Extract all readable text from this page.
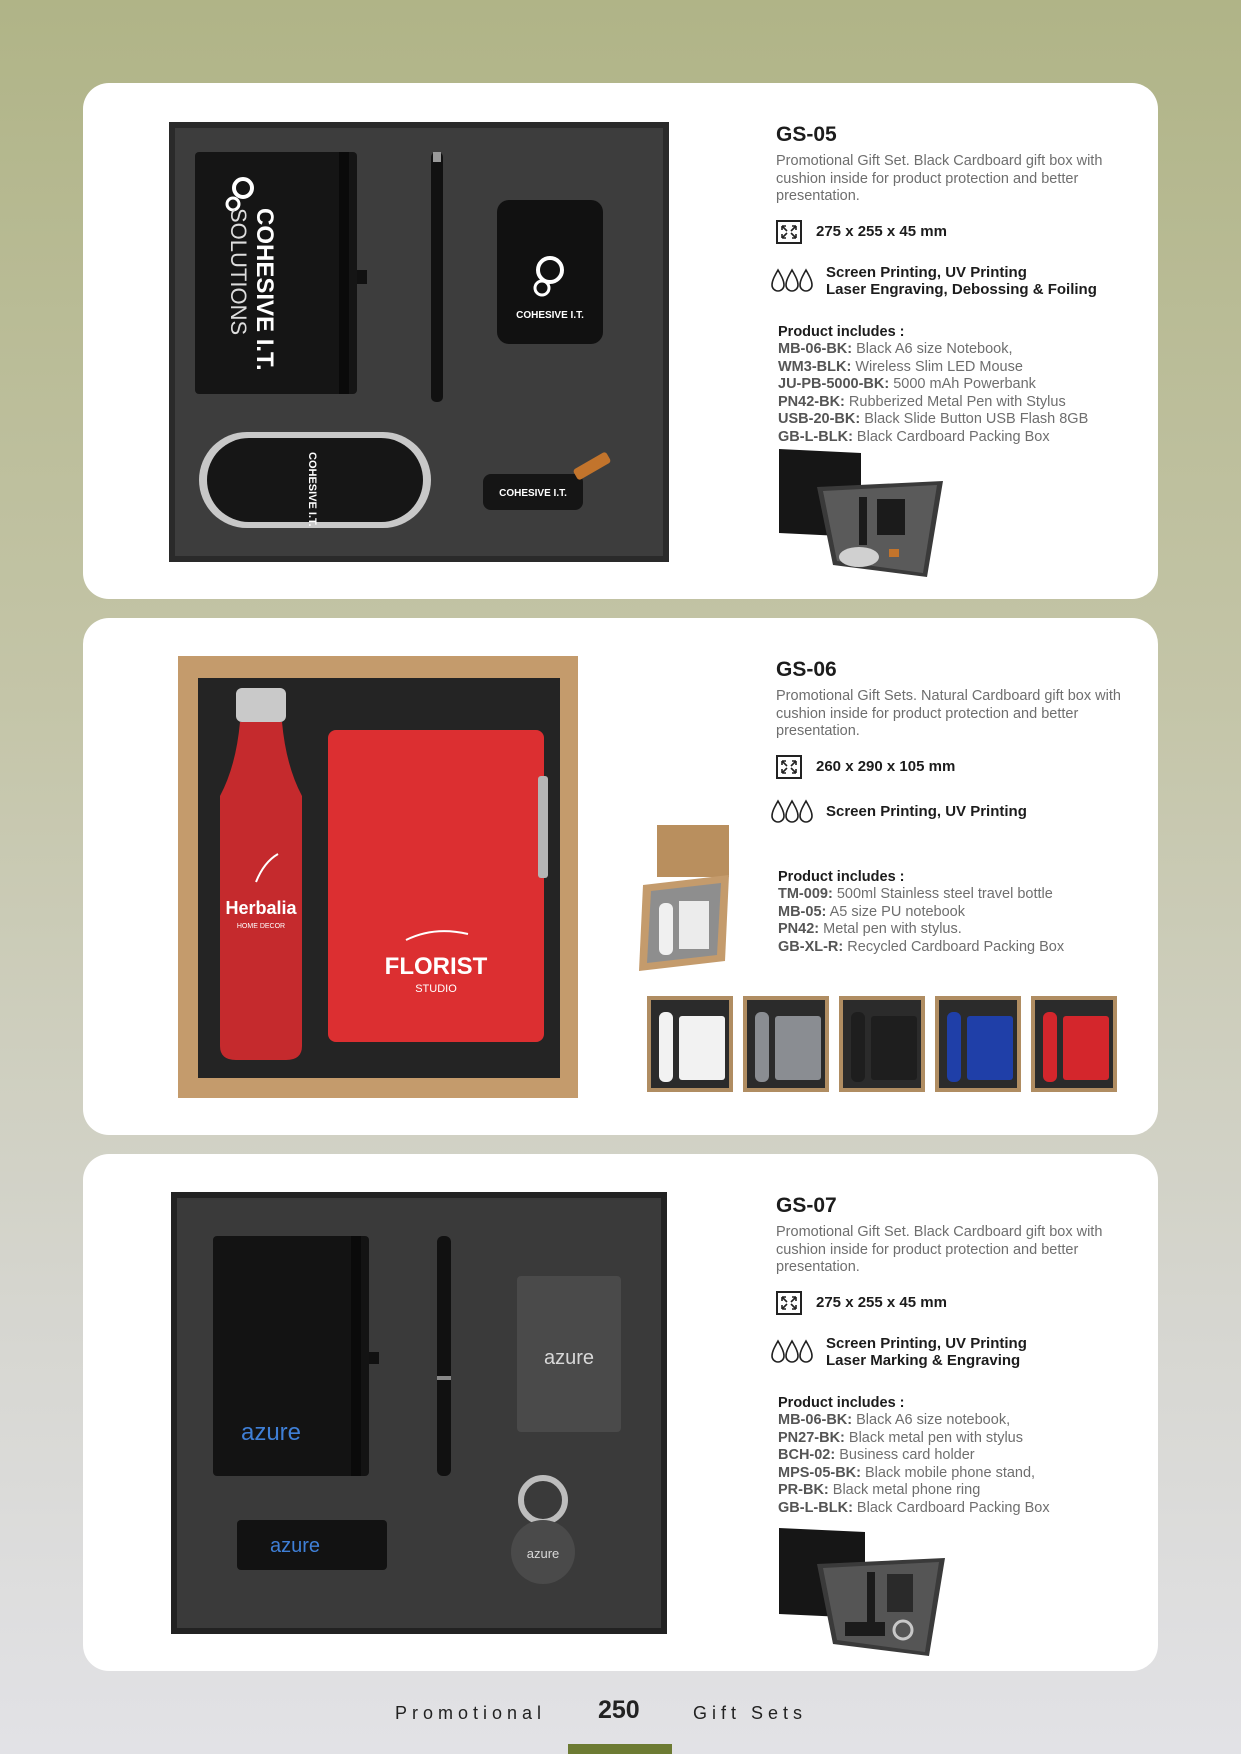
COHESIVE I.T.
SOLUTIONS	COHESIVE I.T.
COHESIVE I.T.	COHESIVE I.T.
GS-05

Promotional Gift Set. Black Cardboard gift box with cushion inside for product protection and better presentation.

275 x 255 x 45 mm
Screen Printing, UV Printing
Laser Engraving, Debossing & Foiling
Product includes :
MB-06-BK: Black A6 size Notebook,
WM3-BLK: Wireless Slim LED Mouse
JU-PB-5000-BK: 5000 mAh Powerbank
PN42-BK: Rubberized Metal Pen with Stylus
USB-20-BK: Black Slide Button USB Flash 8GB
GB-L-BLK: Black Cardboard Packing Box
Herbalia
HOME DECOR
FLORIST
STUDIO
GS-06

Promotional Gift Sets. Natural Cardboard gift box with cushion inside for product protection and better presentation.

260 x 290 x 105 mm
Screen Printing, UV Printing
Product includes :
TM-009: 500ml Stainless steel travel bottle
MB-05: A5 size PU notebook
PN42: Metal pen with stylus.
GB-XL-R: Recycled Cardboard Packing Box
azure
azure
azure	azure
GS-07

Promotional Gift Set. Black Cardboard gift box with cushion inside for product protection and better presentation.

275 x 255 x 45 mm
Screen Printing, UV Printing
Laser Marking & Engraving
Product includes :
MB-06-BK: Black A6 size notebook,
PN27-BK: Black metal pen with stylus
BCH-02: Business card holder
MPS-05-BK: Black mobile phone stand,
PR-BK: Black metal phone ring
GB-L-BLK: Black Cardboard Packing Box
Promotional 250	Gift Sets
